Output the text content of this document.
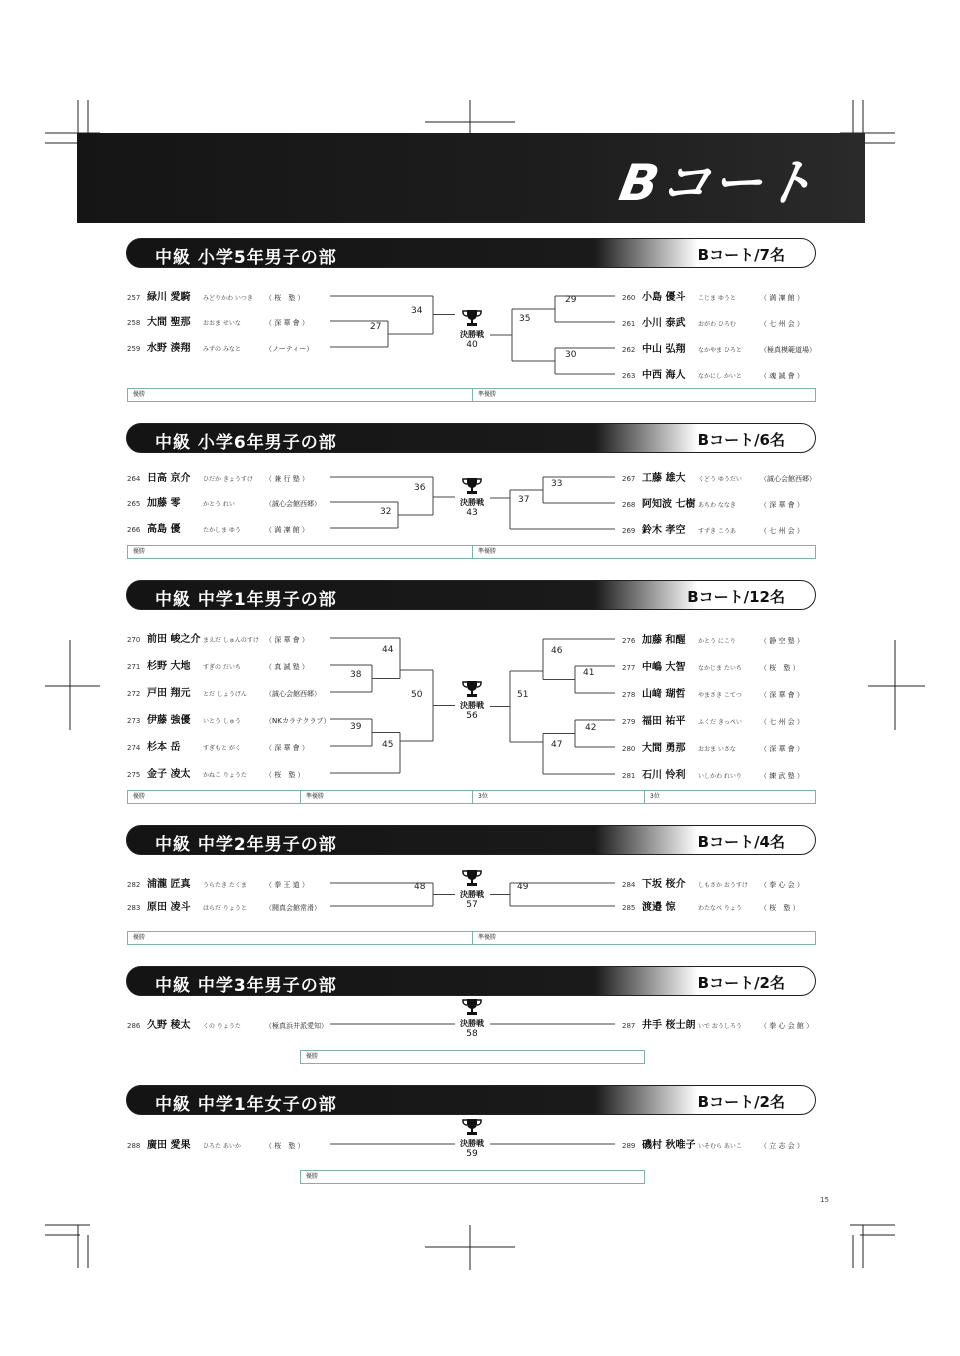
Bコート
中級 小学5年男子の部	Bコート/7名
257 緑川 愛騎 みどりかわ いつき （ 桜　塾 ）
258 大間 聖那 おおま せいな	（ 深 華 會 ）
259 水野 湊翔 みずの みなと	（ノーティー）
260 小島 優斗 こじま ゆうと	（ 満 凜 館 ）
261 小川 泰武 おがわ ひろむ	（ 七 州 会 ）
262 中山 弘翔 なかやま ひろと	（極真模範道場）
263 中西 海人 なかにし かいと	（ 魂 誠 會 ）
27
34
29
30
35
決勝戦
40
優勝	準優勝
中級 小学6年男子の部	Bコート/6名
264 日高 京介 ひだか きょうすけ （ 兼 行 塾 ）
265 加藤 零	かとう れい	（誠心会館西郷）
266 高島 優	たかしま ゆう	（ 満 凜 館 ）
267 工藤 雄大 くどう ゆうだい	（誠心会館西郷）
268 阿知波 七樹 あちわ ななき	（ 深 華 會 ）
269 鈴木 孝空 すずき こうあ	（ 七 州 会 ）
32
36	33
37
決勝戦
43
優勝	準優勝
中級 中学1年男子の部	Bコート/12名
270 前田 峻之介 まえだ しゅんのすけ （ 深 華 會 ）
271 杉野 大地 すぎの だいち	（ 真 誠 塾 ）
272 戸田 翔元 とだ しょうげん	（誠心会館西郷）
273 伊藤 強優 いとう しゅう	（NKカラテクラブ）
274 杉本 岳	すぎもと がく	（ 深 華 會 ）
275 金子 凌太 かねこ りょうた	（ 桜　塾 ）
276 加藤 和醒 かとう にこり	（ 静 空 塾 ）
277 中嶋 大智 なかじま たいち	（ 桜　塾 ）
278 山﨑 瑚哲 やまさき こてつ	（ 深 華 會 ）
279 福田 祐平 ふくだ きっぺい	（ 七 州 会 ）
280 大間 勇那 おおま いさな	（ 深 華 會 ）
281 石川 怜利 いしかわ れいり	（ 練 武 塾 ）
44
38
39
45
50
46
41
42
47
51
決勝戦
56
優勝	準優勝	3位	3位
中級 中学2年男子の部	Bコート/4名
282 浦瀧 匠真 うらたき たくま	（ 拳 王 道 ）
283 原田 凌斗 はらだ りょうと	（闘真会館常滑）
284 下坂 桜介 しもさか おうすけ （ 拳 心 会 ）
285 渡邉 惊	わたなべ りょう	（ 桜　塾 ）
48	49
決勝戦
57
優勝	準優勝
中級 中学3年男子の部	Bコート/2名
286 久野 稜太 くの りょうた	（極真浜井派愛知）	287 井手 桜士朗 いで おうしろう	（ 拳 心 会 館 ）
決勝戦
58
優勝
中級 中学1年女子の部	Bコート/2名
288 廣田 愛果 ひろた あいか	（ 桜　塾 ）	289 磯村 秋唯子 いそむら あいこ	（ 立 志 会 ）
決勝戦
59
優勝
15
